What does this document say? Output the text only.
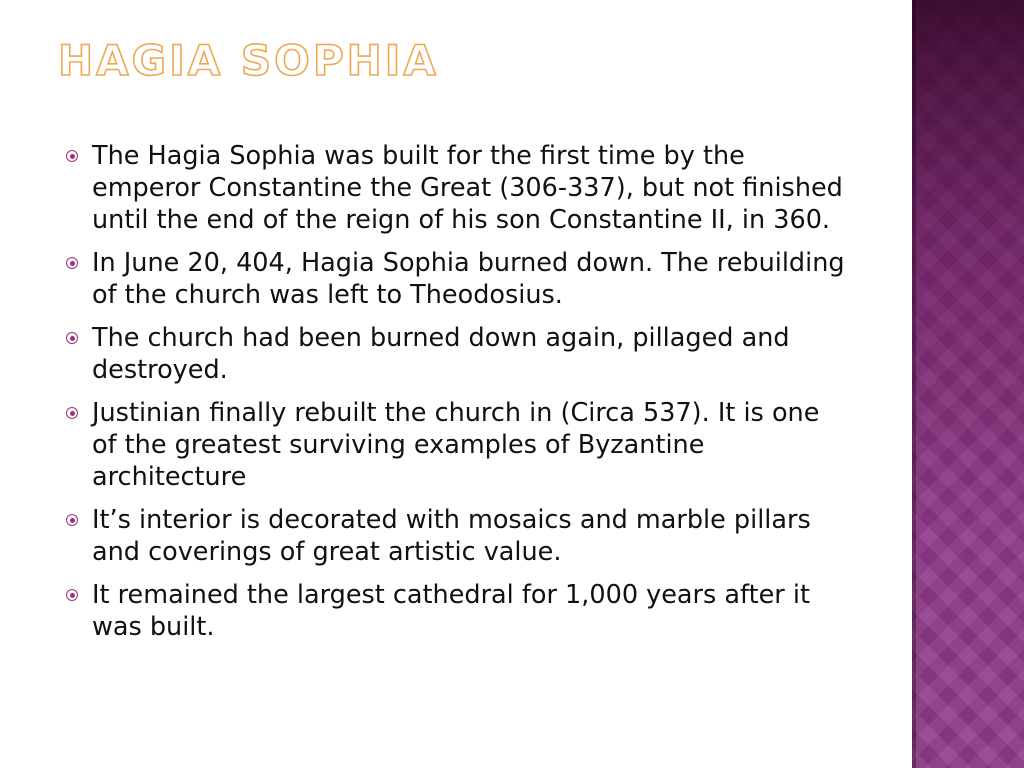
HAGIA SOPHIA
The Hagia Sophia was built for the first time by the emperor Constantine the Great (306-337), but not finished until the end of the reign of his son Constantine II, in 360.
In June 20, 404, Hagia Sophia burned down. The rebuilding of the church was left to Theodosius.
The church had been burned down again, pillaged and destroyed.
Justinian finally rebuilt the church in (Circa 537). It is one of the greatest surviving examples of Byzantine architecture
It’s interior is decorated with mosaics and marble pillars and coverings of great artistic value.
It remained the largest cathedral for 1,000 years after it was built.
